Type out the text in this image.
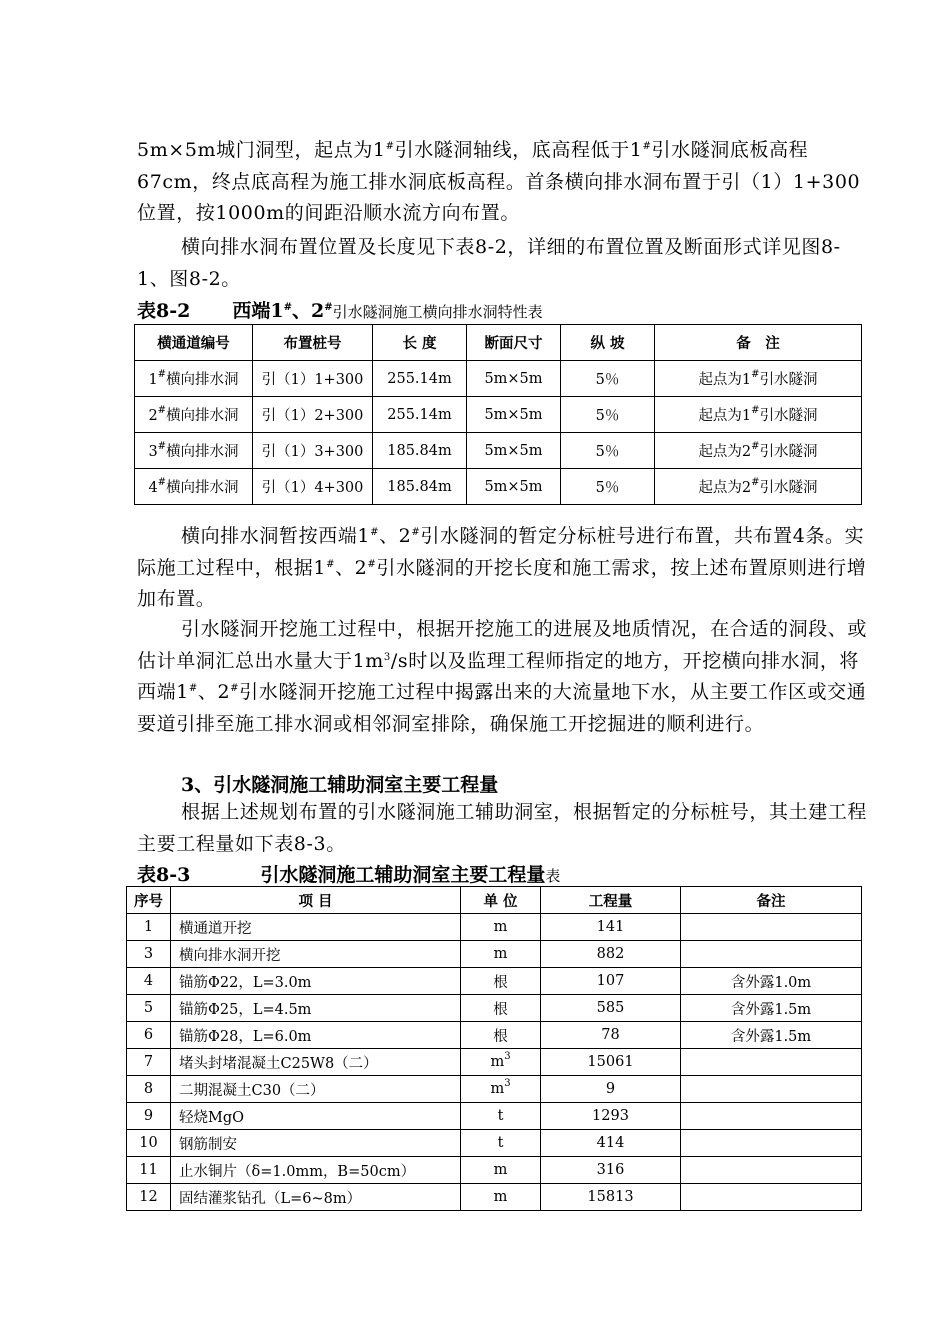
5m×5m城门洞型，起点为1#引水隧洞轴线，底高程低于1#引水隧洞底板高程67cm，终点底高程为施工排水洞底板高程。首条横向排水洞布置于引（1）1+300位置，按1000m的间距沿顺水流方向布置。

横向排水洞布置位置及长度见下表8-2，详细的布置位置及断面形式详见图8-1、图8-2。

表8-2 西端1#、2#引水隧洞施工横向排水洞特性表
横通道编号	布置桩号	长 度	断面尺寸	纵 坡	备　注
1#横向排水洞	引（1）1+300	255.14m	5m×5m	5％	起点为1#引水隧洞
2#横向排水洞	引（1）2+300	255.14m	5m×5m	5％	起点为1#引水隧洞
3#横向排水洞	引（1）3+300	185.84m	5m×5m	5％	起点为2#引水隧洞
4#横向排水洞	引（1）4+300	185.84m	5m×5m	5％	起点为2#引水隧洞

横向排水洞暂按西端1#、2#引水隧洞的暂定分标桩号进行布置，共布置4条。实际施工过程中，根据1#、2#引水隧洞的开挖长度和施工需求，按上述布置原则进行增加布置。

引水隧洞开挖施工过程中，根据开挖施工的进展及地质情况，在合适的洞段、或估计单洞汇总出水量大于$1m^3/s$时以及监理工程师指定的地方，开挖横向排水洞，将西端1#、2#引水隧洞开挖施工过程中揭露出来的大流量地下水，从主要工作区或交通要道引排至施工排水洞或相邻洞室排除，确保施工开挖掘进的顺利进行。

3、引水隧洞施工辅助洞室主要工程量

根据上述规划布置的引水隧洞施工辅助洞室，根据暂定的分标桩号，其土建工程主要工程量如下表8-3。

表8-3	引水隧洞施工辅助洞室主要工程量表
序号	项 目	单 位	工程量	备注
1	横通道开挖	m	141	
3	横向排水洞开挖	m	882	
4	锚筋Φ22，L=3.0m	根	107	含外露1.0m
5	锚筋Φ25，L=4.5m	根	585	含外露1.5m
6	锚筋Φ28，L=6.0m	根	78	含外露1.5m
7	堵头封堵混凝土C25W8（二）	$m^3$	15061	
8	二期混凝土C30（二）	$m^3$	9	
9	轻烧MgO	t	1293	
10	钢筋制安	t	414	
11	止水铜片（δ=1.0mm，B=50cm）	m	316	
12	固结灌浆钻孔（L=6~8m）	m	15813	
